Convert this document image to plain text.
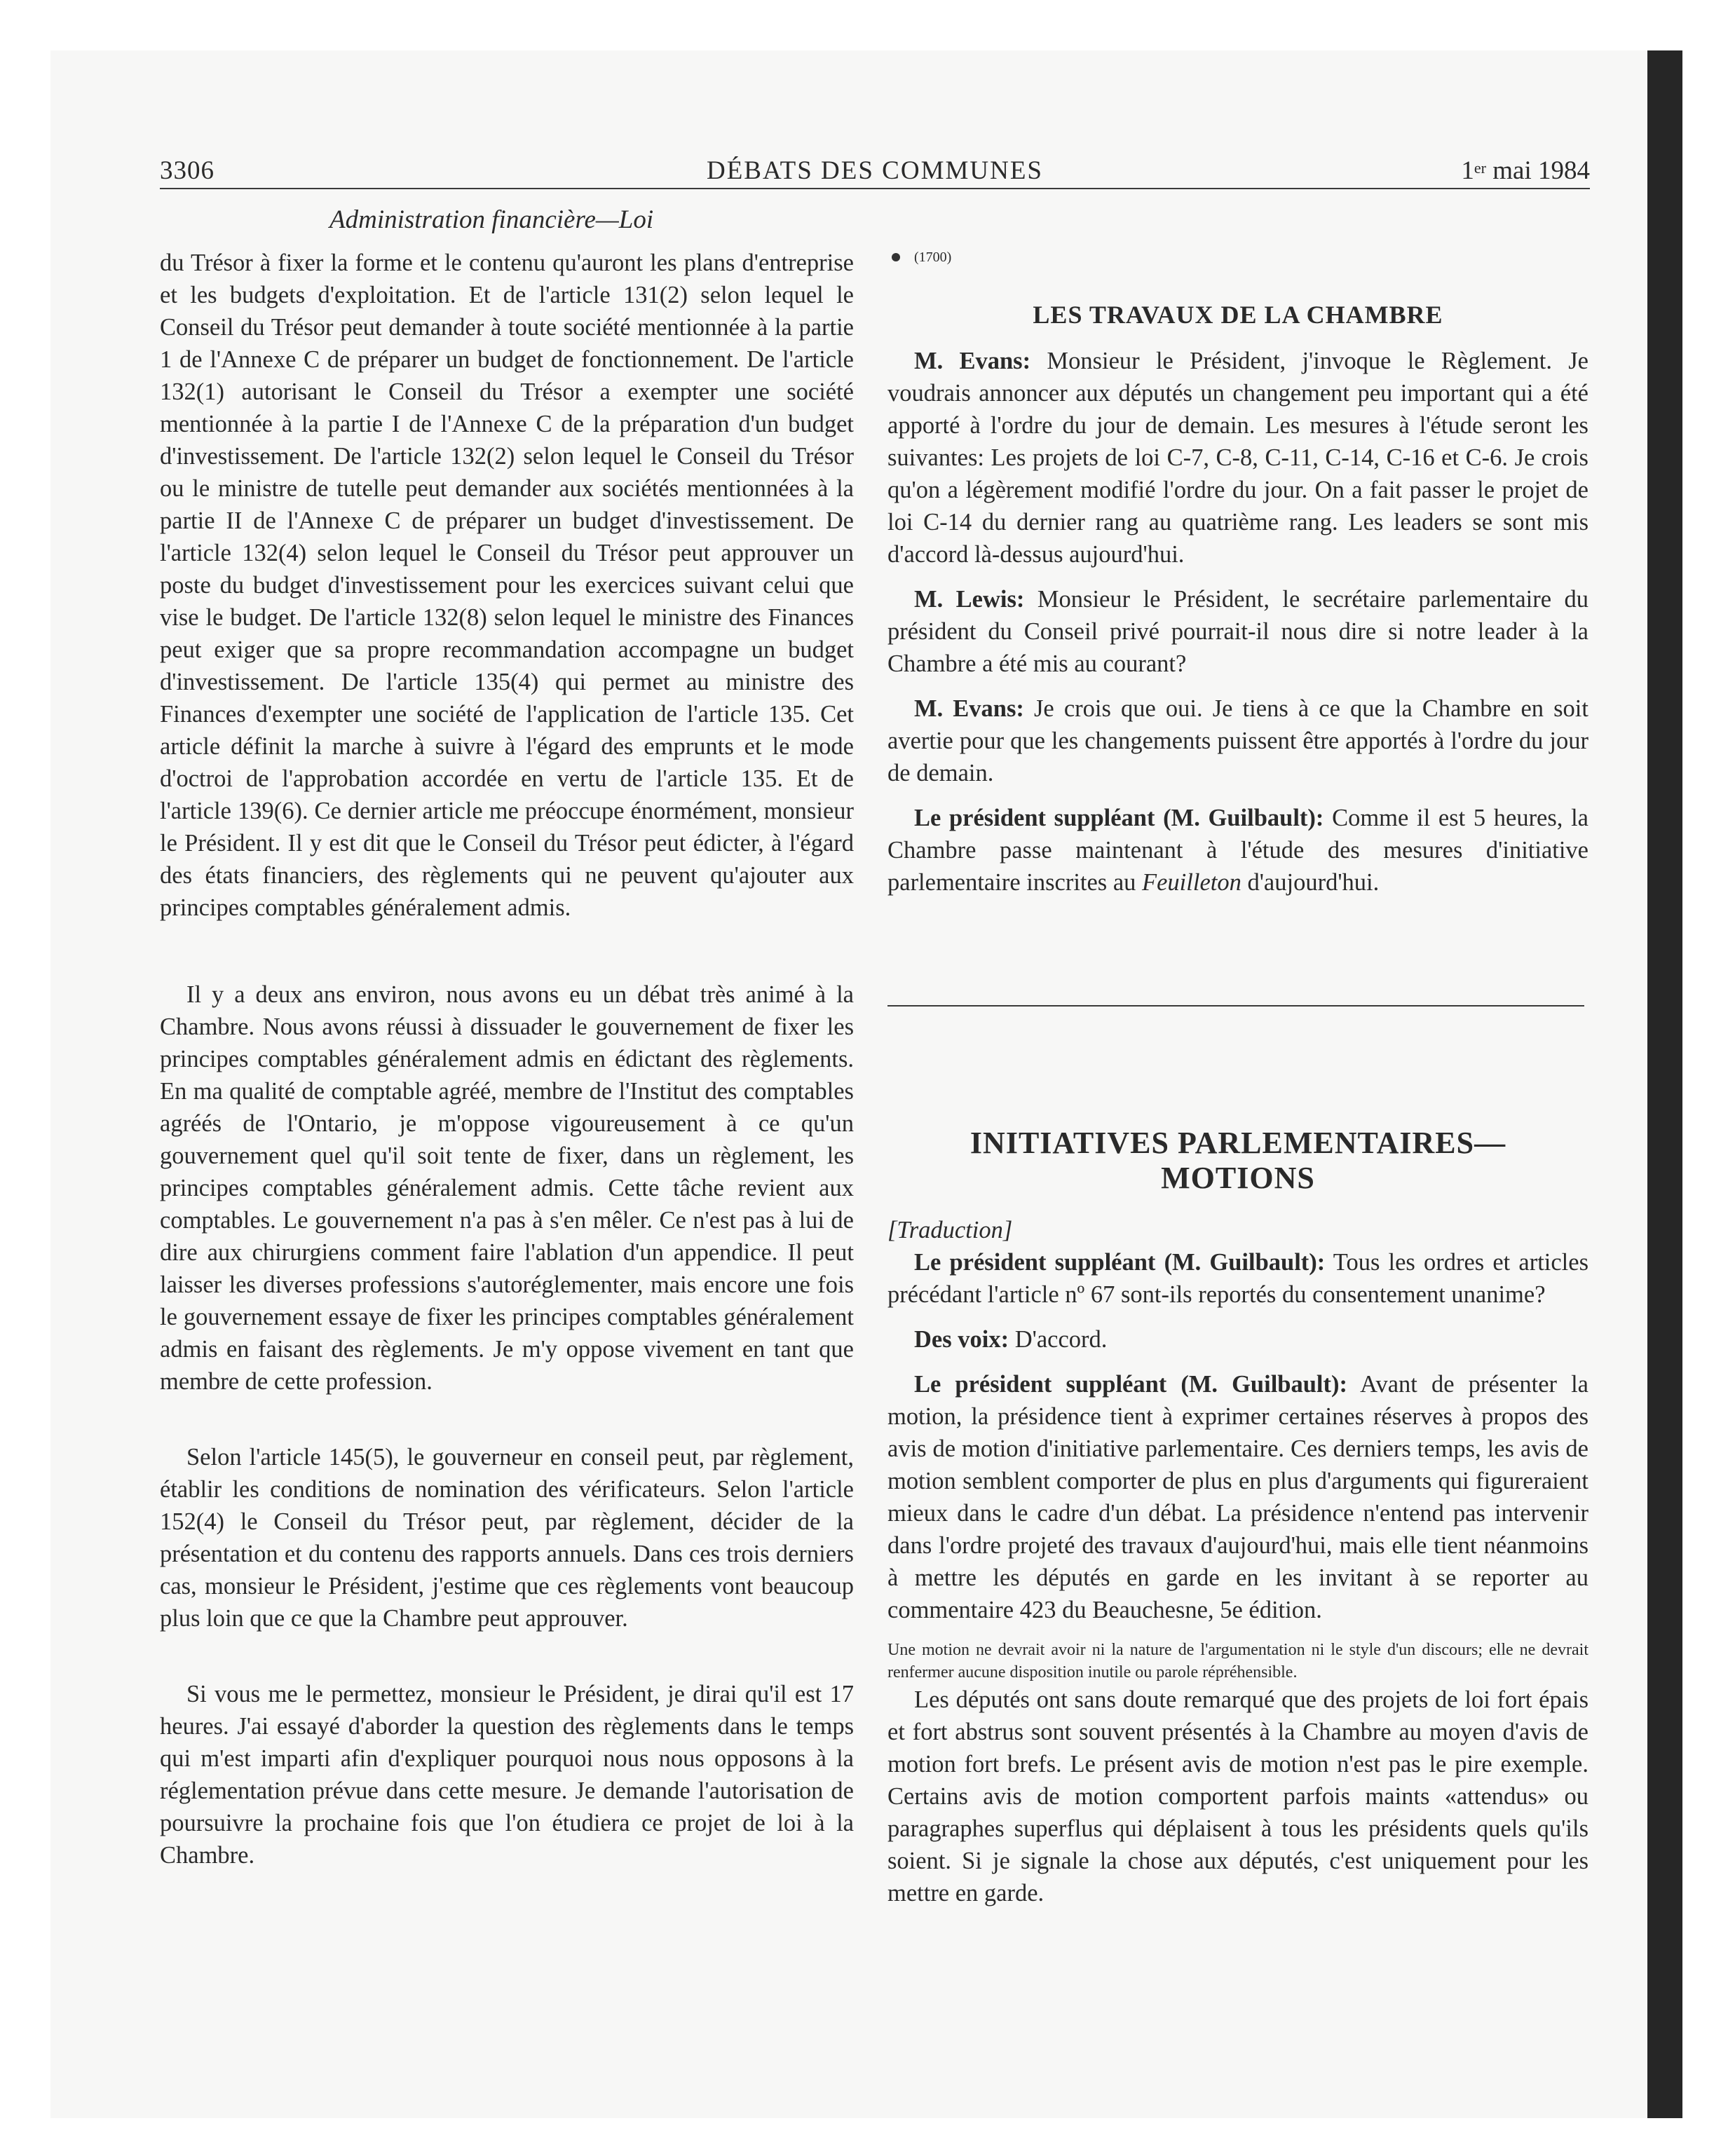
3306	DÉBATS DES COMMUNES	1er mai 1984
Administration financière—Loi

du Trésor à fixer la forme et le contenu qu'auront les plans d'entreprise et les budgets d'exploitation. Et de l'article 131(2) selon lequel le Conseil du Trésor peut demander à toute société mentionnée à la partie 1 de l'Annexe C de préparer un budget de fonctionnement. De l'article 132(1) autorisant le Conseil du Trésor a exempter une société mentionnée à la partie I de l'Annexe C de la préparation d'un budget d'investissement. De l'article 132(2) selon lequel le Conseil du Trésor ou le ministre de tutelle peut demander aux sociétés mentionnées à la partie II de l'Annexe C de préparer un budget d'investissement. De l'article 132(4) selon lequel le Conseil du Trésor peut approuver un poste du budget d'investissement pour les exercices suivant celui que vise le budget. De l'article 132(8) selon lequel le ministre des Finances peut exiger que sa propre recommandation accompagne un budget d'investissement. De l'article 135(4) qui permet au ministre des Finances d'exempter une société de l'application de l'article 135. Cet article définit la marche à suivre à l'égard des emprunts et le mode d'octroi de l'approbation accordée en vertu de l'article 135. Et de l'article 139(6). Ce dernier article me préoccupe énormément, monsieur le Président. Il y est dit que le Conseil du Trésor peut édicter, à l'égard des états financiers, des règlements qui ne peuvent qu'ajouter aux principes comptables généralement admis.

Il y a deux ans environ, nous avons eu un débat très animé à la Chambre. Nous avons réussi à dissuader le gouvernement de fixer les principes comptables généralement admis en édictant des règlements. En ma qualité de comptable agréé, membre de l'Institut des comptables agréés de l'Ontario, je m'oppose vigoureusement à ce qu'un gouvernement quel qu'il soit tente de fixer, dans un règlement, les principes comptables généralement admis. Cette tâche revient aux comptables. Le gouvernement n'a pas à s'en mêler. Ce n'est pas à lui de dire aux chirurgiens comment faire l'ablation d'un appendice. Il peut laisser les diverses professions s'autoréglementer, mais encore une fois le gouvernement essaye de fixer les principes comptables généralement admis en faisant des règlements. Je m'y oppose vivement en tant que membre de cette profession.

Selon l'article 145(5), le gouverneur en conseil peut, par règlement, établir les conditions de nomination des vérificateurs. Selon l'article 152(4) le Conseil du Trésor peut, par règlement, décider de la présentation et du contenu des rapports annuels. Dans ces trois derniers cas, monsieur le Président, j'estime que ces règlements vont beaucoup plus loin que ce que la Chambre peut approuver.

Si vous me le permettez, monsieur le Président, je dirai qu'il est 17 heures. J'ai essayé d'aborder la question des règlements dans le temps qui m'est imparti afin d'expliquer pourquoi nous nous opposons à la réglementation prévue dans cette mesure. Je demande l'autorisation de poursuivre la prochaine fois que l'on étudiera ce projet de loi à la Chambre.

(1700)
LES TRAVAUX DE LA CHAMBRE

M. Evans: Monsieur le Président, j'invoque le Règlement. Je voudrais annoncer aux députés un changement peu important qui a été apporté à l'ordre du jour de demain. Les mesures à l'étude seront les suivantes: Les projets de loi C-7, C-8, C-11, C-14, C-16 et C-6. Je crois qu'on a légèrement modifié l'ordre du jour. On a fait passer le projet de loi C-14 du dernier rang au quatrième rang. Les leaders se sont mis d'accord là-dessus aujourd'hui.

M. Lewis: Monsieur le Président, le secrétaire parlementaire du président du Conseil privé pourrait-il nous dire si notre leader à la Chambre a été mis au courant?

M. Evans: Je crois que oui. Je tiens à ce que la Chambre en soit avertie pour que les changements puissent être apportés à l'ordre du jour de demain.

Le président suppléant (M. Guilbault): Comme il est 5 heures, la Chambre passe maintenant à l'étude des mesures d'initiative parlementaire inscrites au Feuilleton d'aujourd'hui.

INITIATIVES PARLEMENTAIRES—
MOTIONS

[Traduction]

Le président suppléant (M. Guilbault): Tous les ordres et articles précédant l'article nº 67 sont-ils reportés du consentement unanime?

Des voix: D'accord.

Le président suppléant (M. Guilbault): Avant de présenter la motion, la présidence tient à exprimer certaines réserves à propos des avis de motion d'initiative parlementaire. Ces derniers temps, les avis de motion semblent comporter de plus en plus d'arguments qui figureraient mieux dans le cadre d'un débat. La présidence n'entend pas intervenir dans l'ordre projeté des travaux d'aujourd'hui, mais elle tient néanmoins à mettre les députés en garde en les invitant à se reporter au commentaire 423 du Beauchesne, 5e édition.

Une motion ne devrait avoir ni la nature de l'argumentation ni le style d'un discours; elle ne devrait renfermer aucune disposition inutile ou parole répréhensible.

Les députés ont sans doute remarqué que des projets de loi fort épais et fort abstrus sont souvent présentés à la Chambre au moyen d'avis de motion fort brefs. Le présent avis de motion n'est pas le pire exemple. Certains avis de motion comportent parfois maints «attendus» ou paragraphes superflus qui déplaisent à tous les présidents quels qu'ils soient. Si je signale la chose aux députés, c'est uniquement pour les mettre en garde.
